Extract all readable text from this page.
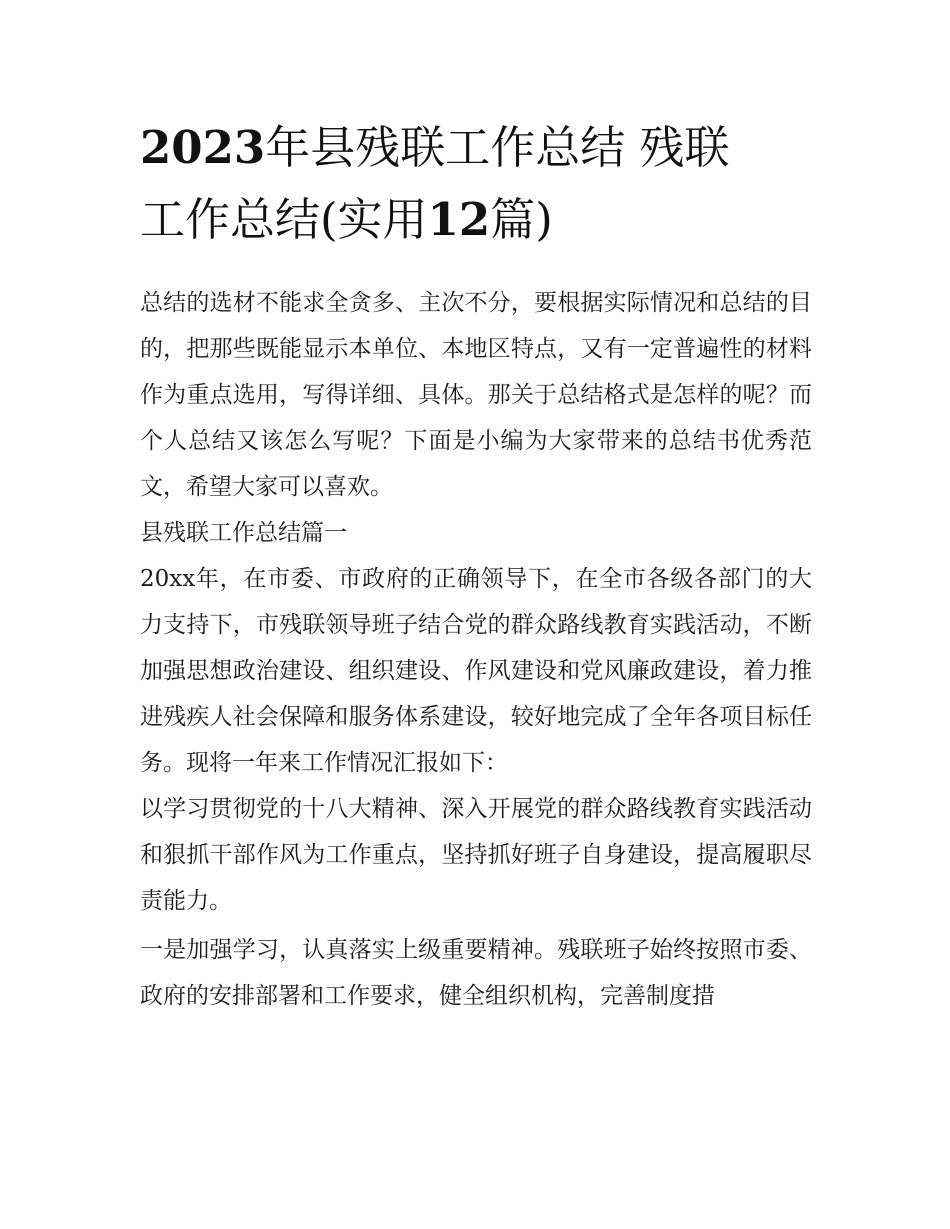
2023年县残联工作总结 残联
工作总结(实用12篇)

总结的选材不能求全贪多、主次不分，要根据实际情况和总结的目的，把那些既能显示本单位、本地区特点，又有一定普遍性的材料作为重点选用，写得详细、具体。那关于总结格式是怎样的呢？而个人总结又该怎么写呢？下面是小编为大家带来的总结书优秀范文，希望大家可以喜欢。

县残联工作总结篇一

20xx年，在市委、市政府的正确领导下，在全市各级各部门的大力支持下，市残联领导班子结合党的群众路线教育实践活动，不断加强思想政治建设、组织建设、作风建设和党风廉政建设，着力推进残疾人社会保障和服务体系建设，较好地完成了全年各项目标任务。现将一年来工作情况汇报如下：

以学习贯彻党的十八大精神、深入开展党的群众路线教育实践活动和狠抓干部作风为工作重点，坚持抓好班子自身建设，提高履职尽责能力。

一是加强学习，认真落实上级重要精神。残联班子始终按照市委、政府的安排部署和工作要求，健全组织机构，完善制度措
